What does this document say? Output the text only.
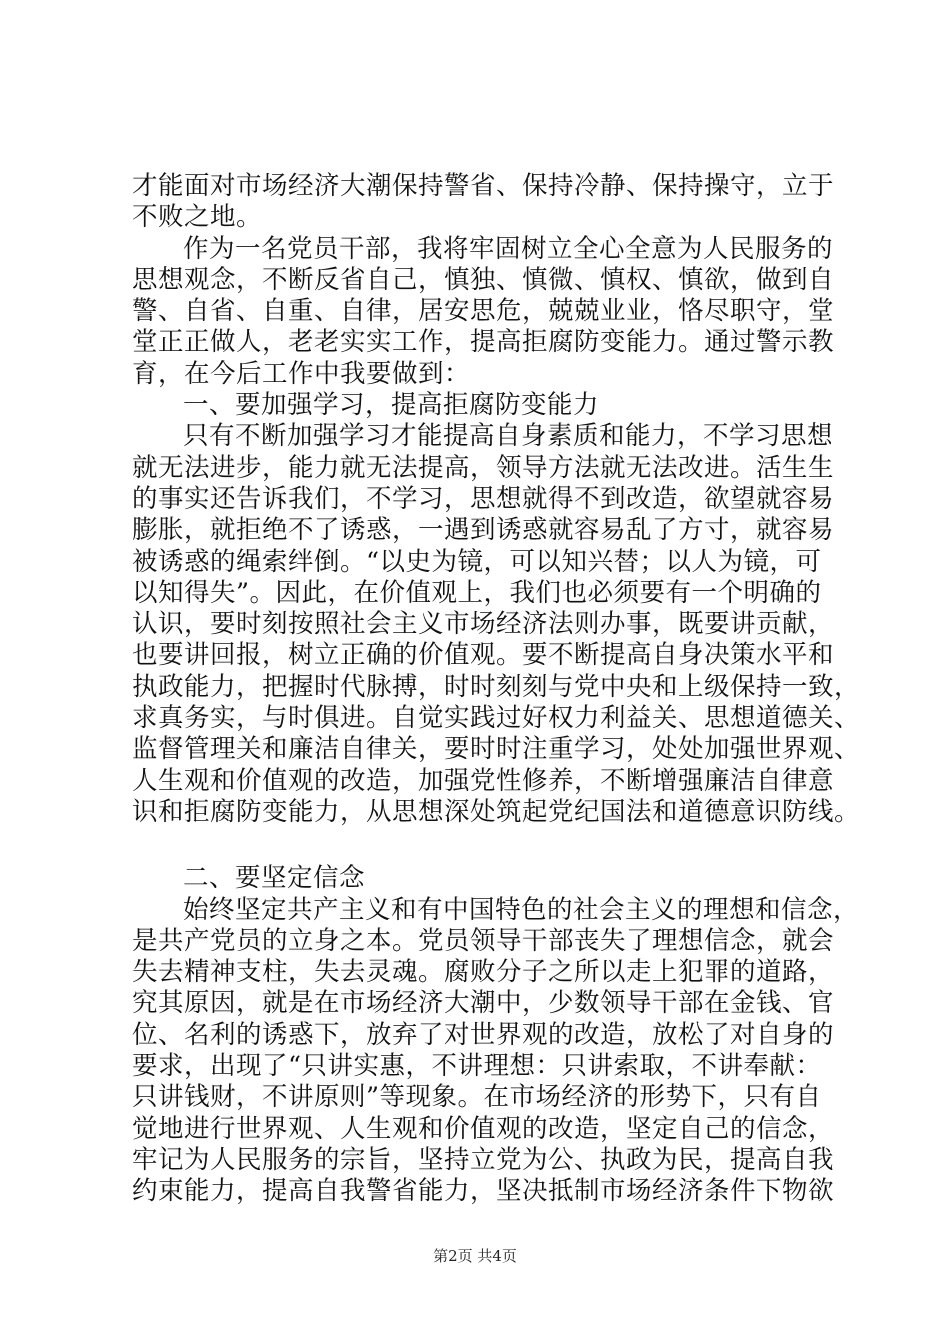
才能面对市场经济大潮保持警省、保持冷静、保持操守，立于
不败之地。
作为一名党员干部，我将牢固树立全心全意为人民服务的
思想观念，不断反省自己，慎独、慎微、慎权、慎欲，做到自
警、自省、自重、自律，居安思危，兢兢业业，恪尽职守，堂
堂正正做人，老老实实工作，提高拒腐防变能力。通过警示教
育，在今后工作中我要做到：
一、要加强学习，提高拒腐防变能力
只有不断加强学习才能提高自身素质和能力，不学习思想
就无法进步，能力就无法提高，领导方法就无法改进。活生生
的事实还告诉我们，不学习，思想就得不到改造，欲望就容易
膨胀，就拒绝不了诱惑，一遇到诱惑就容易乱了方寸，就容易
被诱惑的绳索绊倒。“以史为镜，可以知兴替；以人为镜，可
以知得失”。因此，在价值观上，我们也必须要有一个明确的
认识，要时刻按照社会主义市场经济法则办事，既要讲贡献，
也要讲回报，树立正确的价值观。要不断提高自身决策水平和
执政能力，把握时代脉搏，时时刻刻与党中央和上级保持一致，
求真务实，与时俱进。自觉实践过好权力利益关、思想道德关、
监督管理关和廉洁自律关，要时时注重学习，处处加强世界观、
人生观和价值观的改造，加强党性修养，不断增强廉洁自律意
识和拒腐防变能力，从思想深处筑起党纪国法和道德意识防线。
二、要坚定信念
始终坚定共产主义和有中国特色的社会主义的理想和信念，
是共产党员的立身之本。党员领导干部丧失了理想信念，就会
失去精神支柱，失去灵魂。腐败分子之所以走上犯罪的道路，
究其原因，就是在市场经济大潮中，少数领导干部在金钱、官
位、名利的诱惑下，放弃了对世界观的改造，放松了对自身的
要求，出现了“只讲实惠，不讲理想：只讲索取，不讲奉献：
只讲钱财，不讲原则”等现象。在市场经济的形势下，只有自
觉地进行世界观、人生观和价值观的改造，坚定自己的信念，
牢记为人民服务的宗旨，坚持立党为公、执政为民，提高自我
约束能力，提高自我警省能力，坚决抵制市场经济条件下物欲
第2页 共4页
